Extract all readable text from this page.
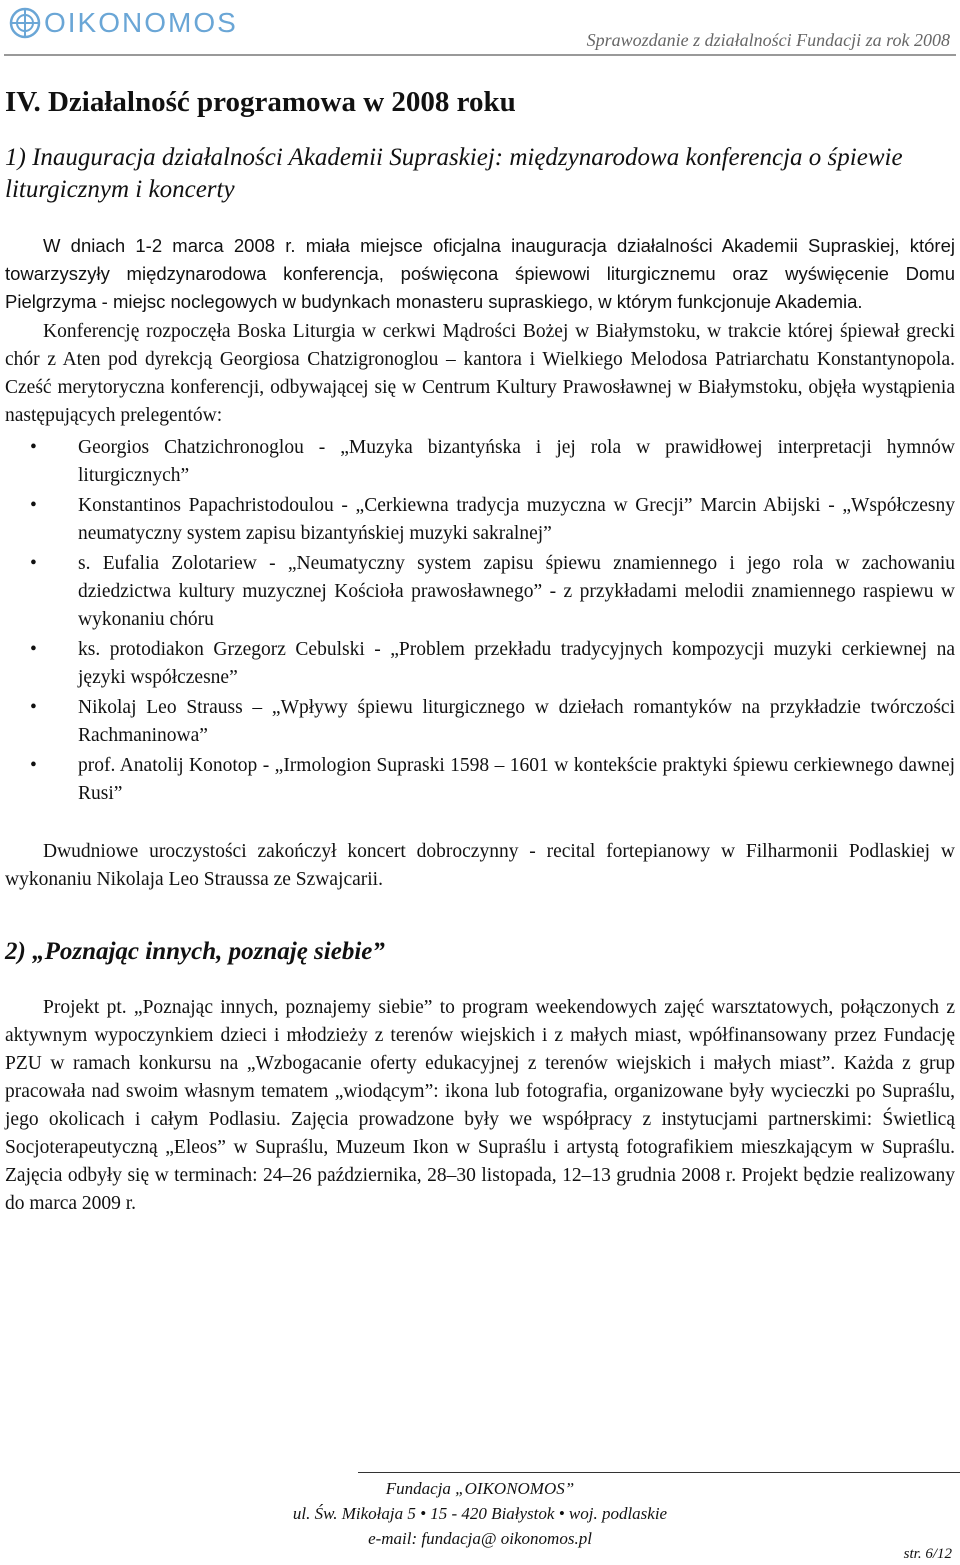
OIKONOMOS
Sprawozdanie z działalności Fundacji za rok 2008
IV. Działalność programowa w 2008 roku
1) Inauguracja działalności Akademii Supraskiej: międzynarodowa konferencja o śpiewie liturgicznym i koncerty

W dniach 1-2 marca 2008 r. miała miejsce oficjalna inauguracja działalności Akademii Supraskiej, której towarzyszyły międzynarodowa konferencja, poświęcona śpiewowi liturgicznemu oraz wyświęcenie Domu Pielgrzyma - miejsc noclegowych w budynkach monasteru supraskiego, w którym funkcjonuje Akademia.

Konferencję rozpoczęła Boska Liturgia w cerkwi Mądrości Bożej w Białymstoku, w trakcie której śpiewał grecki chór z Aten pod dyrekcją Georgiosa Chatzigronoglou – kantora i Wielkiego Melodosa Patriarchatu Konstantynopola. Cześć merytoryczna konferencji, odbywającej się w Centrum Kultury Prawosławnej w Białymstoku, objęła wystąpienia następujących prelegentów:

• Georgios Chatzichronoglou - „Muzyka bizantyńska i jej rola w prawidłowej interpretacji hymnów liturgicznych”
• Konstantinos Papachristodoulou - „Cerkiewna tradycja muzyczna w Grecji” Marcin Abijski - „Współczesny neumatyczny system zapisu bizantyńskiej muzyki sakralnej”
• s. Eufalia Zolotariew - „Neumatyczny system zapisu śpiewu znamiennego i jego rola w zachowaniu dziedzictwa kultury muzycznej Kościoła prawosławnego” - z przykładami melodii znamiennego raspiewu w wykonaniu chóru
• ks. protodiakon Grzegorz Cebulski - „Problem przekładu tradycyjnych kompozycji muzyki cerkiewnej na języki współczesne”
• Nikolaj Leo Strauss – „Wpływy śpiewu liturgicznego w dziełach romantyków na przykładzie twórczości Rachmaninowa”
• prof. Anatolij Konotop - „Irmologion Supraski 1598 – 1601 w kontekście praktyki śpiewu cerkiewnego dawnej Rusi”

Dwudniowe uroczystości zakończył koncert dobroczynny - recital fortepianowy w Filharmonii Podlaskiej w wykonaniu Nikolaja Leo Straussa ze Szwajcarii.

2) „Poznając innych, poznaję siebie”

Projekt pt. „Poznając innych, poznajemy siebie” to program weekendowych zajęć warsztatowych, połączonych z aktywnym wypoczynkiem dzieci i młodzieży z terenów wiejskich i z małych miast, wpółfinansowany przez Fundację PZU w ramach konkursu na „Wzbogacanie oferty edukacyjnej z terenów wiejskich i małych miast”. Każda z grup pracowała nad swoim własnym tematem „wiodącym”: ikona lub fotografia, organizowane były wycieczki po Supraślu, jego okolicach i całym Podlasiu. Zajęcia prowadzone były we współpracy z instytucjami partnerskimi: Świetlicą Socjoterapeutyczną „Eleos” w Supraślu, Muzeum Ikon w Supraślu i artystą fotografikiem mieszkającym w Supraślu. Zajęcia odbyły się w terminach: 24–26 października, 28–30 listopada, 12–13 grudnia 2008 r. Projekt będzie realizowany do marca 2009 r.

Fundacja „OIKONOMOS”
ul. Św. Mikołaja 5 • 15 - 420 Białystok • woj. podlaskie
e-mail: fundacja@ oikonomos.pl
str. 6/12
